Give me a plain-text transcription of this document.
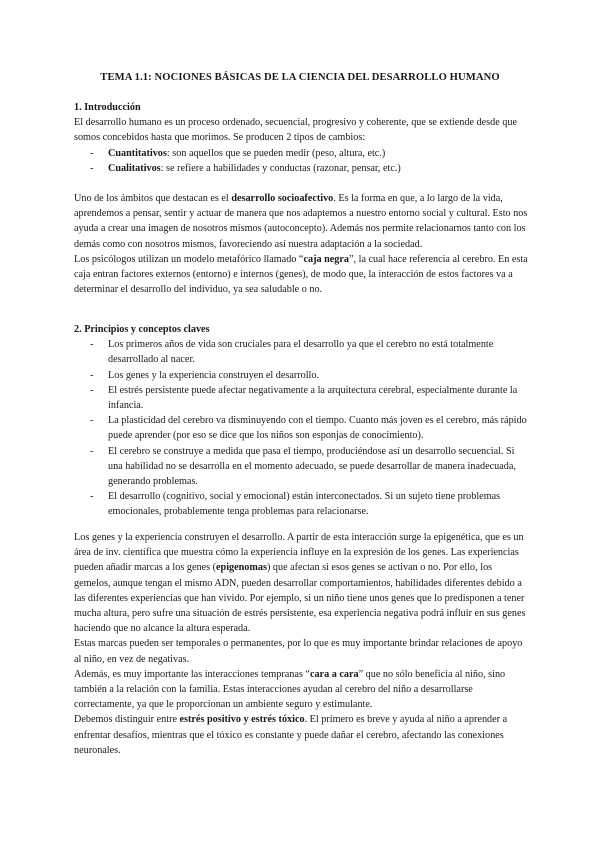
TEMA 1.1: NOCIONES BÁSICAS DE LA CIENCIA DEL DESARROLLO HUMANO
1. Introducción

El desarrollo humano es un proceso ordenado, secuencial, progresivo y coherente, que se extiende desde que somos concebidos hasta que morimos. Se producen 2 tipos de cambios:

- Cuantitativos: son aquellos que se pueden medir (peso, altura, etc.)
- Cualitativos: se refiere a habilidades y conductas (razonar, pensar, etc.)

Uno de los ámbitos que destacan es el desarrollo socioafectivo. Es la forma en que, a lo largo de la vida, aprendemos a pensar, sentir y actuar de manera que nos adaptemos a nuestro entorno social y cultural. Esto nos ayuda a crear una imagen de nosotros mismos (autoconcepto). Además nos permite relacionarnos tanto con los demás como con nosotros mismos, favoreciendo así nuestra adaptación a la sociedad.

Los psicólogos utilizan un modelo metafórico llamado “caja negra”, la cual hace referencia al cerebro. En esta caja entran factores externos (entorno) e internos (genes), de modo que, la interacción de estos factores va a determinar el desarrollo del individuo, ya sea saludable o no.

2. Principios y conceptos claves
- Los primeros años de vida son cruciales para el desarrollo ya que el cerebro no está totalmente desarrollado al nacer.
- Los genes y la experiencia construyen el desarrollo.
- El estrés persistente puede afectar negativamente a la arquitectura cerebral, especialmente durante la infancia.
- La plasticidad del cerebro va disminuyendo con el tiempo. Cuanto más joven es el cerebro, más rápido puede aprender (por eso se dice que los niños son esponjas de conocimiento).
- El cerebro se construye a medida que pasa el tiempo, produciéndose así un desarrollo secuencial. Si una habilidad no se desarrolla en el momento adecuado, se puede desarrollar de manera inadecuada, generando problemas.
- El desarrollo (cognitivo, social y emocional) están interconectados. Si un sujeto tiene problemas emocionales, probablemente tenga problemas para relacionarse.

Los genes y la experiencia construyen el desarrollo. A partir de esta interacción surge la epigenética, que es un área de inv. científica que muestra cómo la experiencia influye en la expresión de los genes. Las experiencias pueden añadir marcas a los genes (epigenomas) que afectan si esos genes se activan o no. Por ello, los gemelos, aunque tengan el mismo ADN, pueden desarrollar comportamientos, habilidades diferentes debido a las diferentes experiencias que han vivido. Por ejemplo, si un niño tiene unos genes que lo predisponen a tener mucha altura, pero sufre una situación de estrés persistente, esa experiencia negativa podrá influir en sus genes haciendo que no alcance la altura esperada.

Estas marcas pueden ser temporales o permanentes, por lo que es muy importante brindar relaciones de apoyo al niño, en vez de negativas.

Además, es muy importante las interacciones tempranas “cara a cara” que no sólo beneficia al niño, sino también a la relación con la familia. Estas interacciones ayudan al cerebro del niño a desarrollarse correctamente, ya que le proporcionan un ambiente seguro y estimulante.

Debemos distinguir entre estrés positivo y estrés tóxico. El primero es breve y ayuda al niño a aprender a enfrentar desafíos, mientras que el tóxico es constante y puede dañar el cerebro, afectando las conexiones neuronales.
